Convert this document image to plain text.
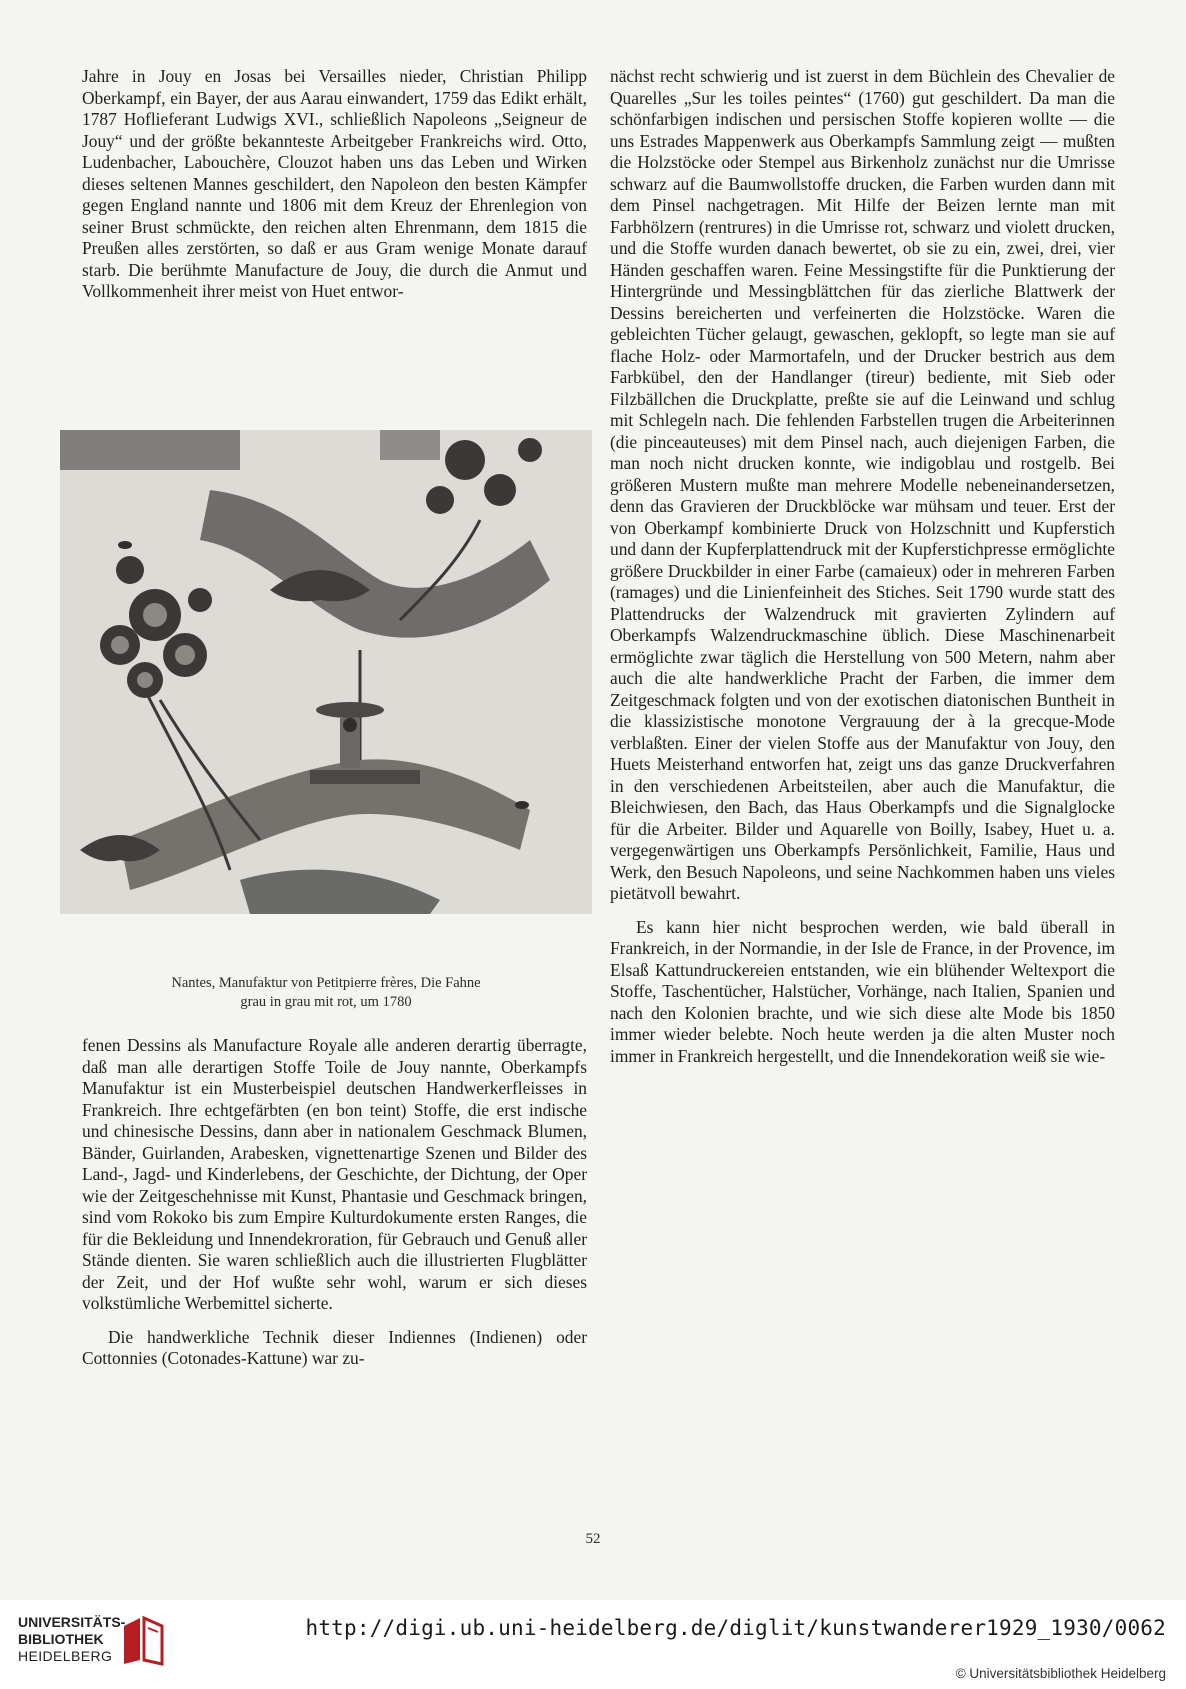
Jahre in Jouy en Josas bei Versailles nieder, Christian Philipp Oberkampf, ein Bayer, der aus Aarau einwandert, 1759 das Edikt erhält, 1787 Hoflieferant Ludwigs XVI., schließlich Napoleons „Seigneur de Jouy“ und der größte bekannteste Arbeitgeber Frankreichs wird. Otto, Ludenbacher, Labouchère, Clouzot haben uns das Leben und Wirken dieses seltenen Mannes geschildert, den Napoleon den besten Kämpfer gegen England nannte und 1806 mit dem Kreuz der Ehrenlegion von seiner Brust schmückte, den reichen alten Ehrenmann, dem 1815 die Preußen alles zerstörten, so daß er aus Gram wenige Monate darauf starb. Die berühmte Manufacture de Jouy, die durch die Anmut und Vollkommenheit ihrer meist von Huet entwor-

Nantes, Manufaktur von Petitpierre frères, Die Fahne
grau in grau mit rot, um 1780

fenen Dessins als Manufacture Royale alle anderen derartig überragte, daß man alle derartigen Stoffe Toile de Jouy nannte, Oberkampfs Manufaktur ist ein Musterbeispiel deutschen Handwerkerfleisses in Frankreich. Ihre echtgefärbten (en bon teint) Stoffe, die erst indische und chinesische Dessins, dann aber in nationalem Geschmack Blumen, Bänder, Guirlanden, Arabesken, vignettenartige Szenen und Bilder des Land-, Jagd- und Kinderlebens, der Geschichte, der Dichtung, der Oper wie der Zeitgeschehnisse mit Kunst, Phantasie und Geschmack bringen, sind vom Rokoko bis zum Empire Kulturdokumente ersten Ranges, die für die Bekleidung und Innendekroration, für Gebrauch und Genuß aller Stände dienten. Sie waren schließlich auch die illustrierten Flugblätter der Zeit, und der Hof wußte sehr wohl, warum er sich dieses volkstümliche Werbemittel sicherte.

Die handwerkliche Technik dieser Indiennes (Indienen) oder Cottonnies (Cotonades-Kattune) war zu-

nächst recht schwierig und ist zuerst in dem Büchlein des Chevalier de Quarelles „Sur les toiles peintes“ (1760) gut geschildert. Da man die schönfarbigen indischen und persischen Stoffe kopieren wollte — die uns Estrades Mappenwerk aus Oberkampfs Sammlung zeigt — mußten die Holzstöcke oder Stempel aus Birkenholz zunächst nur die Umrisse schwarz auf die Baumwollstoffe drucken, die Farben wurden dann mit dem Pinsel nachgetragen. Mit Hilfe der Beizen lernte man mit Farbhölzern (rentrures) in die Umrisse rot, schwarz und violett drucken, und die Stoffe wurden danach bewertet, ob sie zu ein, zwei, drei, vier Händen geschaffen waren. Feine Messingstifte für die Punktierung der Hintergründe und Messingblättchen für das zierliche Blattwerk der Dessins bereicherten und verfeinerten die Holzstöcke. Waren die gebleichten Tücher gelaugt, gewaschen, geklopft, so legte man sie auf flache Holz- oder Marmortafeln, und der Drucker bestrich aus dem Farbkübel, den der Handlanger (tireur) bediente, mit Sieb oder Filzbällchen die Druckplatte, preßte sie auf die Leinwand und schlug mit Schlegeln nach. Die fehlenden Farbstellen trugen die Arbeiterinnen (die pinceauteuses) mit dem Pinsel nach, auch diejenigen Farben, die man noch nicht drucken konnte, wie indigoblau und rostgelb. Bei größeren Mustern mußte man mehrere Modelle nebeneinandersetzen, denn das Gravieren der Druckblöcke war mühsam und teuer. Erst der von Oberkampf kombinierte Druck von Holzschnitt und Kupferstich und dann der Kupferplattendruck mit der Kupferstichpresse ermöglichte größere Druckbilder in einer Farbe (camaieux) oder in mehreren Farben (ramages) und die Linienfeinheit des Stiches. Seit 1790 wurde statt des Plattendrucks der Walzendruck mit gravierten Zylindern auf Oberkampfs Walzendruckmaschine üblich. Diese Maschinenarbeit ermöglichte zwar täglich die Herstellung von 500 Metern, nahm aber auch die alte handwerkliche Pracht der Farben, die immer dem Zeitgeschmack folgten und von der exotischen diatonischen Buntheit in die klassizistische monotone Vergrauung der à la grecque-Mode verblaßten. Einer der vielen Stoffe aus der Manufaktur von Jouy, den Huets Meisterhand entworfen hat, zeigt uns das ganze Druckverfahren in den verschiedenen Arbeitsteilen, aber auch die Manufaktur, die Bleichwiesen, den Bach, das Haus Oberkampfs und die Signalglocke für die Arbeiter. Bilder und Aquarelle von Boilly, Isabey, Huet u. a. vergegenwärtigen uns Oberkampfs Persönlichkeit, Familie, Haus und Werk, den Besuch Napoleons, und seine Nachkommen haben uns vieles pietätvoll bewahrt.

Es kann hier nicht besprochen werden, wie bald überall in Frankreich, in der Normandie, in der Isle de France, in der Provence, im Elsaß Kattundruckereien entstanden, wie ein blühender Weltexport die Stoffe, Taschentücher, Halstücher, Vorhänge, nach Italien, Spanien und nach den Kolonien brachte, und wie sich diese alte Mode bis 1850 immer wieder belebte. Noch heute werden ja die alten Muster noch immer in Frankreich hergestellt, und die Innendekoration weiß sie wie-

52
UNIVERSITÄTS-
BIBLIOTHEK
HEIDELBERG
http://digi.ub.uni-heidelberg.de/diglit/kunstwanderer1929_1930/0062
© Universitätsbibliothek Heidelberg
